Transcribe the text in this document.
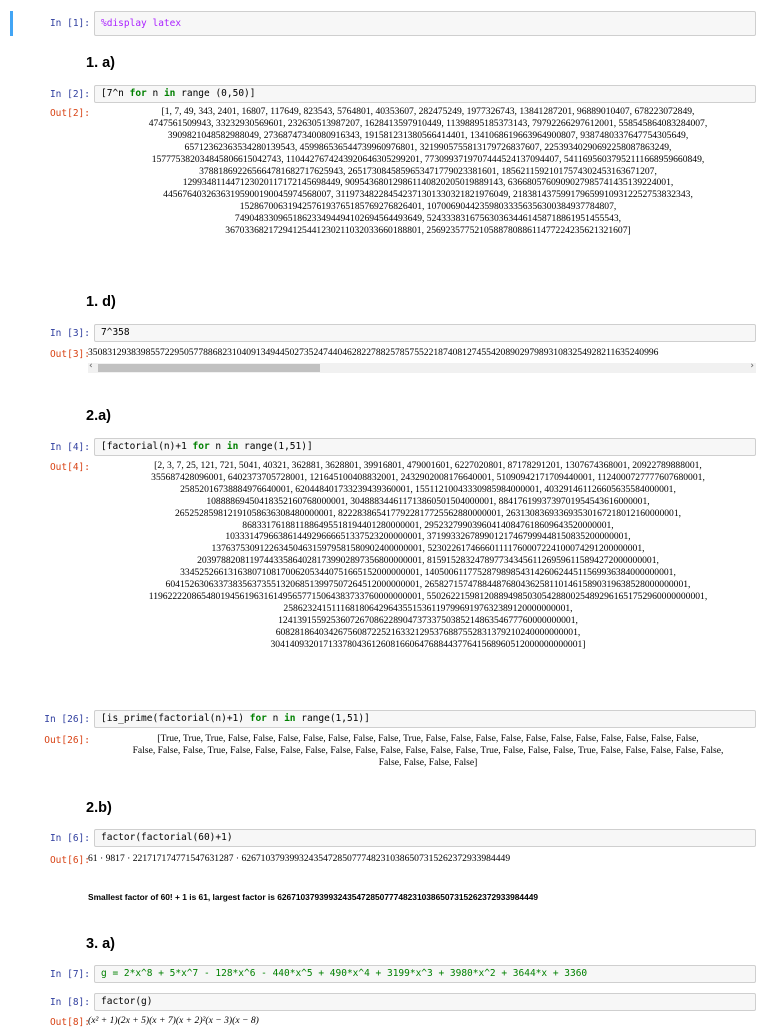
In [1]:	%display latex
1. a)
In [2]:	[7^n for n in range (0,50)]
Out[2]:	[1, 7, 49, 343, 2401, 16807, 117649, 823543, 5764801, 40353607, 282475249, 1977326743, 13841287201, 96889010407, 678223072849,
4747561509943, 33232930569601, 232630513987207, 1628413597910449, 11398895185373143, 79792266297612001, 558545864083284007,
3909821048582988049, 27368747340080916343, 191581231380566414401, 1341068619663964900807, 9387480337647754305649,
65712362363534280139543, 459986536544739960976801, 3219905755813179726837607, 22539340290692258087863249,
157775382034845806615042743, 1104427674243920646305299201, 7730993719707444524137094407, 54116956037952111668959660849,
378818692265664781682717625943, 2651730845859653471779023381601, 18562115921017574302453163671207,
129934811447123020117172145698449, 909543680129861140820205019889143, 6366805760909027985741435139224001,
44567640326363195900190045974568007, 311973482284542371301330321821976049, 2183814375991796599109312252753832343,
15286700631942576193765185769276826401, 107006904423598033356356300384937784807,
749048330965186233494494102694564493649, 5243338316756303634461458718861951455543,
36703368217294125441230211032033660188801, 256923577521058878088611477224235621321607]
1. d)
In [3]:	7^358
Out[3]:
35083129383985572295057788682310409134944502735247440462822788257857552218740812745542089029798931083254928211635240996
‹	›
2.a)
In [4]:	[factorial(n)+1 for n in range(1,51)]
Out[4]:	[2, 3, 7, 25, 121, 721, 5041, 40321, 362881, 3628801, 39916801, 479001601, 6227020801, 87178291201, 1307674368001, 20922789888001,
355687428096001, 6402373705728001, 121645100408832001, 2432902008176640001, 51090942171709440001, 1124000727777607680001,
25852016738884976640001, 620448401733239439360001, 15511210043330985984000001, 403291461126605635584000001,
10888869450418352160768000001, 304888344611713860501504000001, 8841761993739701954543616000001,
265252859812191058636308480000001, 8222838654177922817725562880000001, 263130836933693530167218012160000001,
8683317618811886495518194401280000001, 295232799039604140847618609643520000001,
10333147966386144929666651337523200000001, 371993326789901217467999448150835200000001,
13763753091226345046315979581580902400000001, 523022617466601111760007224100074291200000001,
20397882081197443358640281739902897356800000001, 815915283247897734345611269596115894272000000001,
33452526613163807108170062053440751665152000000001, 1405006117752879898543142606244511569936384000000001,
60415263063373835637355132068513997507264512000000001, 2658271574788448768043625811014615890319638528000000001,
119622220865480194561963161495657715064383733760000000001, 5502622159812088949850305428800254892961651752960000000001,
258623241511168180642964355153611979969197632389120000000001,
12413915592536072670862289047373375038521486354677760000000001,
608281864034267560872252163321295376887552831379210240000000001,
30414093201713378043612608166064768844377641568960512000000000001]
In [26]:	[is_prime(factorial(n)+1) for n in range(1,51)]
Out[26]:	[True, True, True, False, False, False, False, False, False, False, True, False, False, False, False, False, False, False, False, False, False, False,
False, False, False, True, False, False, False, False, False, False, False, False, False, False, True, False, False, False, True, False, False, False, False, False,
False, False, False, False]
2.b)
In [6]:	factor(factorial(60)+1)
Out[6]:
61 · 9817 · 221717174771547631287 · 62671037939932435472850777482310386507315262372933984449
Smallest factor of 60! + 1 is 61, largest factor is 62671037939932435472850777482310386507315262372933984449
3. a)
In [7]:	g = 2*x^8 + 5*x^7 - 128*x^6 - 440*x^5 + 490*x^4 + 3199*x^3 + 3980*x^2 + 3644*x + 3360
In [8]:	factor(g)
Out[8]:
(x² + 1)(2x + 5)(x + 7)(x + 2)²(x − 3)(x − 8)
